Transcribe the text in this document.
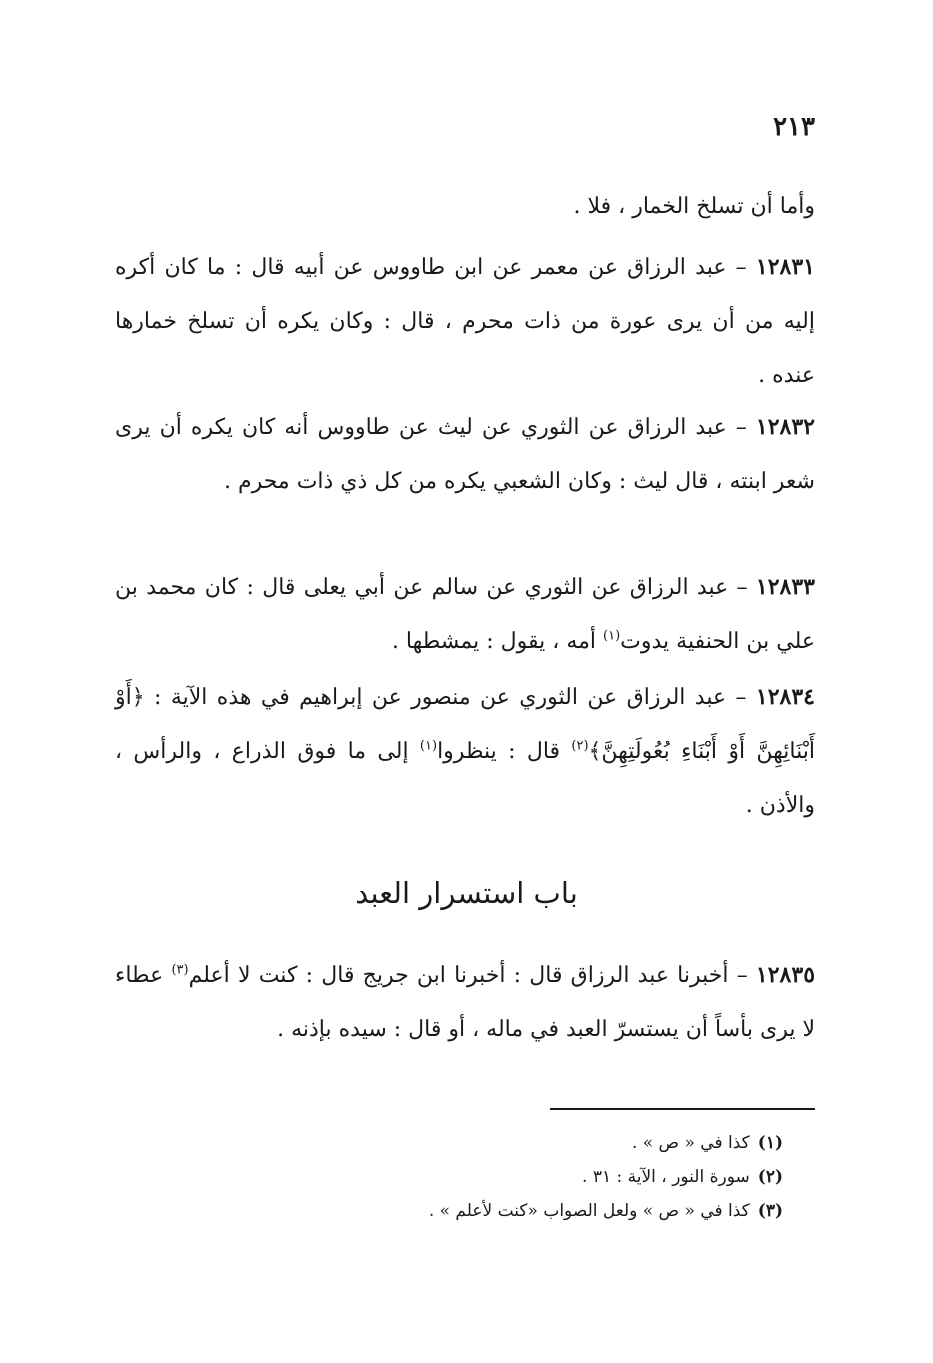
٢١٣

وأما أن تسلخ الخمار ، فلا .

١٢٨٣١ – عبد الرزاق عن معمر عن ابن طاووس عن أبيه قال : ما كان أكره إليه من أن يرى عورة من ذات محرم ، قال : وكان يكره أن تسلخ خمارها عنده .

١٢٨٣٢ – عبد الرزاق عن الثوري عن ليث عن طاووس أنه كان يكره أن يرى شعر ابنته ، قال ليث : وكان الشعبي يكره من كل ذي ذات محرم .

١٢٨٣٣ – عبد الرزاق عن الثوري عن سالم عن أبي يعلى قال : كان محمد بن علي بن الحنفية يدوت$^{(١)}$ أمه ، يقول : يمشطها .

١٢٨٣٤ – عبد الرزاق عن الثوري عن منصور عن إبراهيم في هذه الآية : ﴿أَوْ أَبْنَائِهِنَّ أَوْ أَبْنَاءِ بُعُولَتِهِنَّ﴾$^{(٢)}$ قال : ينظروا$^{(١)}$ إلى ما فوق الذراع ، والرأس ، والأذن .

باب استسرار العبد

١٢٨٣٥ – أخبرنا عبد الرزاق قال : أخبرنا ابن جريج قال : كنت لا أعلم$^{(٣)}$ عطاء لا يرى بأساً أن يستسرّ العبد في ماله ، أو قال : سيده بإذنه .

(١)كذا في « ص » .
(٢)سورة النور ، الآية : ٣١ .
(٣)كذا في « ص » ولعل الصواب «كنت لأعلم » .
